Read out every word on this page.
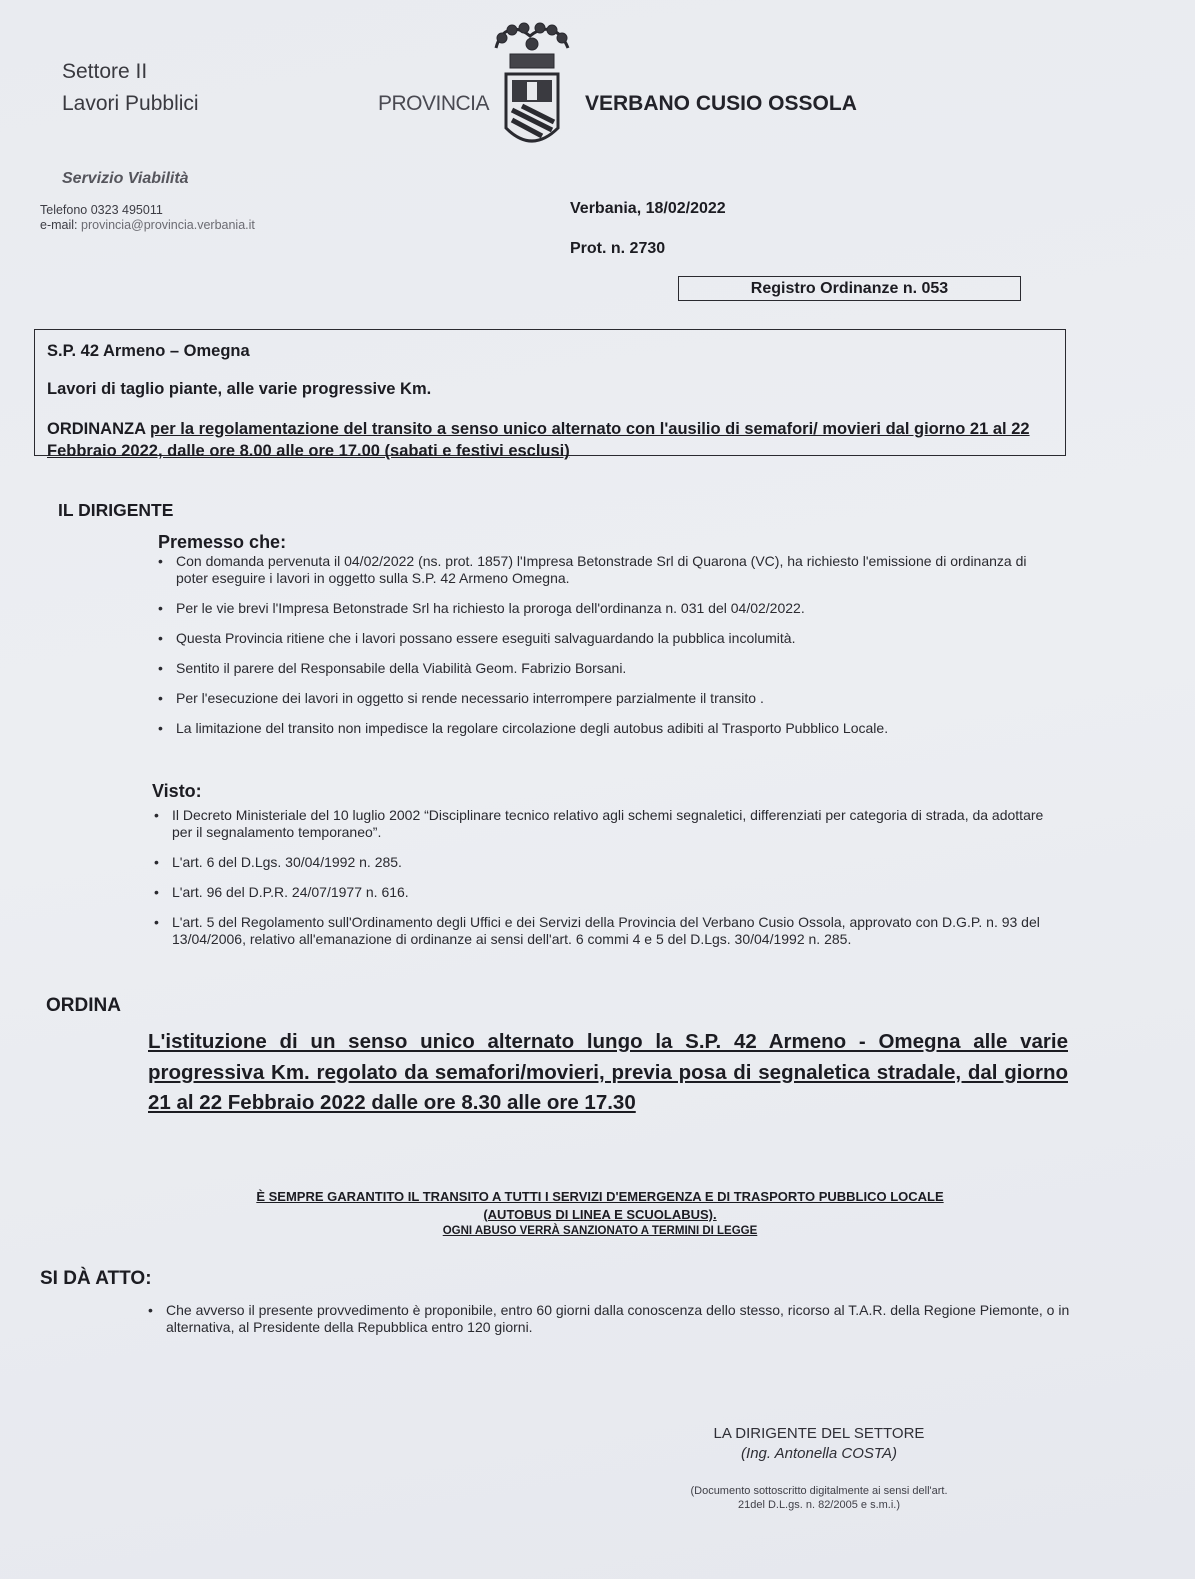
Settore II
Lavori Pubblici
Servizio Viabilità
Telefono 0323 495011
e-mail: provincia@provincia.verbania.it
PROVINCIA	VERBANO CUSIO OSSOLA
Verbania, 18/02/2022
Prot. n. 2730
Registro Ordinanze n. 053
S.P. 42 Armeno – Omegna
Lavori di taglio piante, alle varie progressive Km.
ORDINANZA per la regolamentazione del transito a senso unico alternato con l'ausilio di semafori/ movieri dal giorno 21 al 22 Febbraio 2022, dalle ore 8.00 alle ore 17.00 (sabati e festivi esclusi)
IL DIRIGENTE
Premesso che:
• Con domanda pervenuta il 04/02/2022 (ns. prot. 1857) l'Impresa Betonstrade Srl di Quarona (VC), ha richiesto l'emissione di ordinanza di poter eseguire i lavori in oggetto sulla S.P. 42 Armeno Omegna.
• Per le vie brevi l'Impresa Betonstrade Srl ha richiesto la proroga dell'ordinanza n. 031 del 04/02/2022.
• Questa Provincia ritiene che i lavori possano essere eseguiti salvaguardando la pubblica incolumità.
• Sentito il parere del Responsabile della Viabilità Geom. Fabrizio Borsani.
• Per l'esecuzione dei lavori in oggetto si rende necessario interrompere parzialmente il transito .
• La limitazione del transito non impedisce la regolare circolazione degli autobus adibiti al Trasporto Pubblico Locale.
Visto:
• Il Decreto Ministeriale del 10 luglio 2002 “Disciplinare tecnico relativo agli schemi segnaletici, differenziati per categoria di strada, da adottare per il segnalamento temporaneo”.
• L'art. 6 del D.Lgs. 30/04/1992 n. 285.
• L'art. 96 del D.P.R. 24/07/1977 n. 616.
• L'art. 5 del Regolamento sull'Ordinamento degli Uffici e dei Servizi della Provincia del Verbano Cusio Ossola, approvato con D.G.P. n. 93 del 13/04/2006, relativo all'emanazione di ordinanze ai sensi dell'art. 6 commi 4 e 5 del D.Lgs. 30/04/1992 n. 285.
ORDINA
L'istituzione di un senso unico alternato lungo la S.P. 42 Armeno - Omegna alle varie progressiva Km. regolato da semafori/movieri, previa posa di segnaletica stradale, dal giorno 21 al 22 Febbraio 2022 dalle ore 8.30 alle ore 17.30
È SEMPRE GARANTITO IL TRANSITO A TUTTI I SERVIZI D'EMERGENZA E DI TRASPORTO PUBBLICO LOCALE
(AUTOBUS DI LINEA E SCUOLABUS).
OGNI ABUSO VERRÀ SANZIONATO A TERMINI DI LEGGE
SI DÀ ATTO:
• Che avverso il presente provvedimento è proponibile, entro 60 giorni dalla conoscenza dello stesso, ricorso al T.A.R. della Regione Piemonte, o in alternativa, al Presidente della Repubblica entro 120 giorni.
LA DIRIGENTE DEL SETTORE
(Ing. Antonella COSTA)
(Documento sottoscritto digitalmente ai sensi dell'art. 21del D.L.gs. n. 82/2005 e s.m.i.)
